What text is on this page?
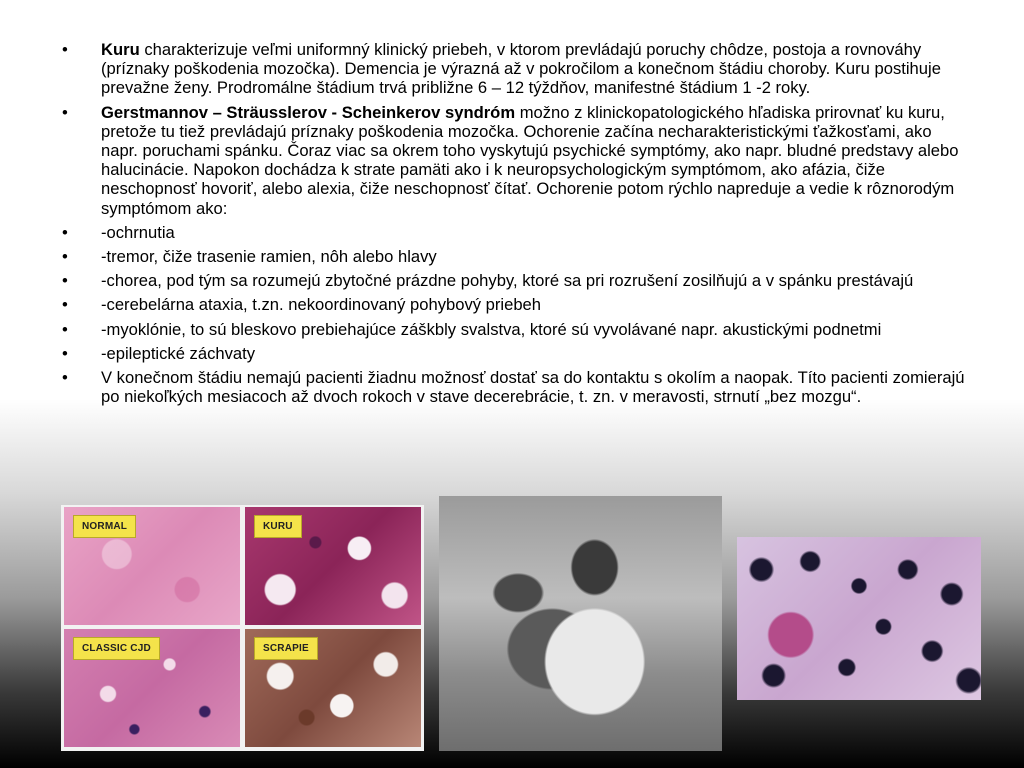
• Kuru charakterizuje veľmi uniformný klinický priebeh, v ktorom prevládajú poruchy chôdze, postoja a rovnováhy (príznaky poškodenia mozočka). Demencia je výrazná až v pokročilom a konečnom štádiu choroby. Kuru postihuje prevažne ženy. Prodromálne štádium trvá približne 6 – 12 týždňov, manifestné štádium 1 -2 roky.
• Gerstmannov – Sträusslerov - Scheinkerov syndróm možno z klinickopatologického hľadiska prirovnať ku kuru, pretože tu tiež prevládajú príznaky poškodenia mozočka. Ochorenie začína necharakteristickými ťažkosťami, ako napr. poruchami spánku. Čoraz viac sa okrem toho vyskytujú psychické symptómy, ako napr. bludné predstavy alebo halucinácie. Napokon dochádza k strate pamäti ako i k neuropsychologickým symptómom, ako afázia, čiže neschopnosť hovoriť, alebo alexia, čiže neschopnosť čítať. Ochorenie potom rýchlo napreduje a vedie k rôznorodým symptómom ako:
• -ochrnutia
• -tremor, čiže trasenie ramien, nôh alebo hlavy
• -chorea, pod tým sa rozumejú zbytočné prázdne pohyby, ktoré sa pri rozrušení zosilňujú a v spánku prestávajú
• -cerebelárna ataxia, t.zn. nekoordinovaný pohybový priebeh
• -myoklónie, to sú bleskovo prebiehajúce záškbly svalstva, ktoré sú vyvolávané napr. akustickými podnetmi
• -epileptické záchvaty
• V konečnom štádiu nemajú pacienti žiadnu možnosť dostať sa do kontaktu s okolím a naopak. Títo pacienti zomierajú po niekoľkých mesiacoch až dvoch rokoch v stave decerebrácie, t. zn. v meravosti, strnutí „bez mozgu“.
NORMAL	KURU
CLASSIC CJD	SCRAPIE
